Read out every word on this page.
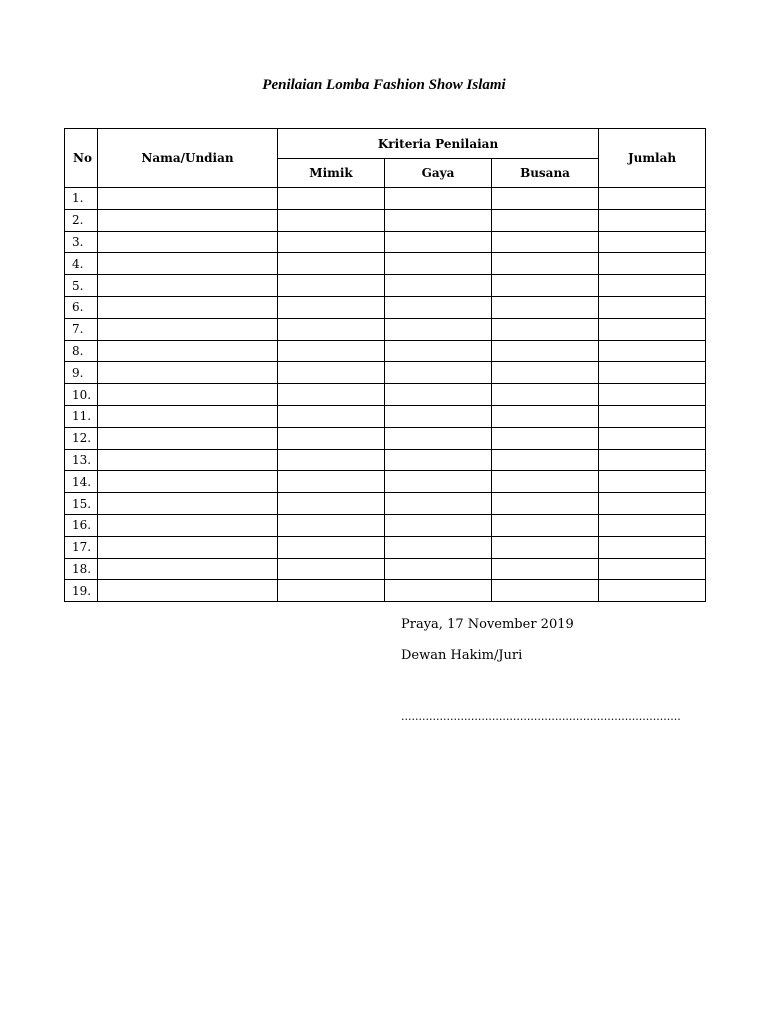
Penilaian Lomba Fashion Show Islami
No	Nama/Undian	Kriteria Penilaian			Jumlah
		Mimik	Gaya	Busana	
1.					
2.					
3.					
4.					
5.					
6.					
7.					
8.					
9.					
10.					
11.					
12.					
13.					
14.					
15.					
16.					
17.					
18.					
19.					
Praya, 17 November 2019
Dewan Hakim/Juri
................................................................................
